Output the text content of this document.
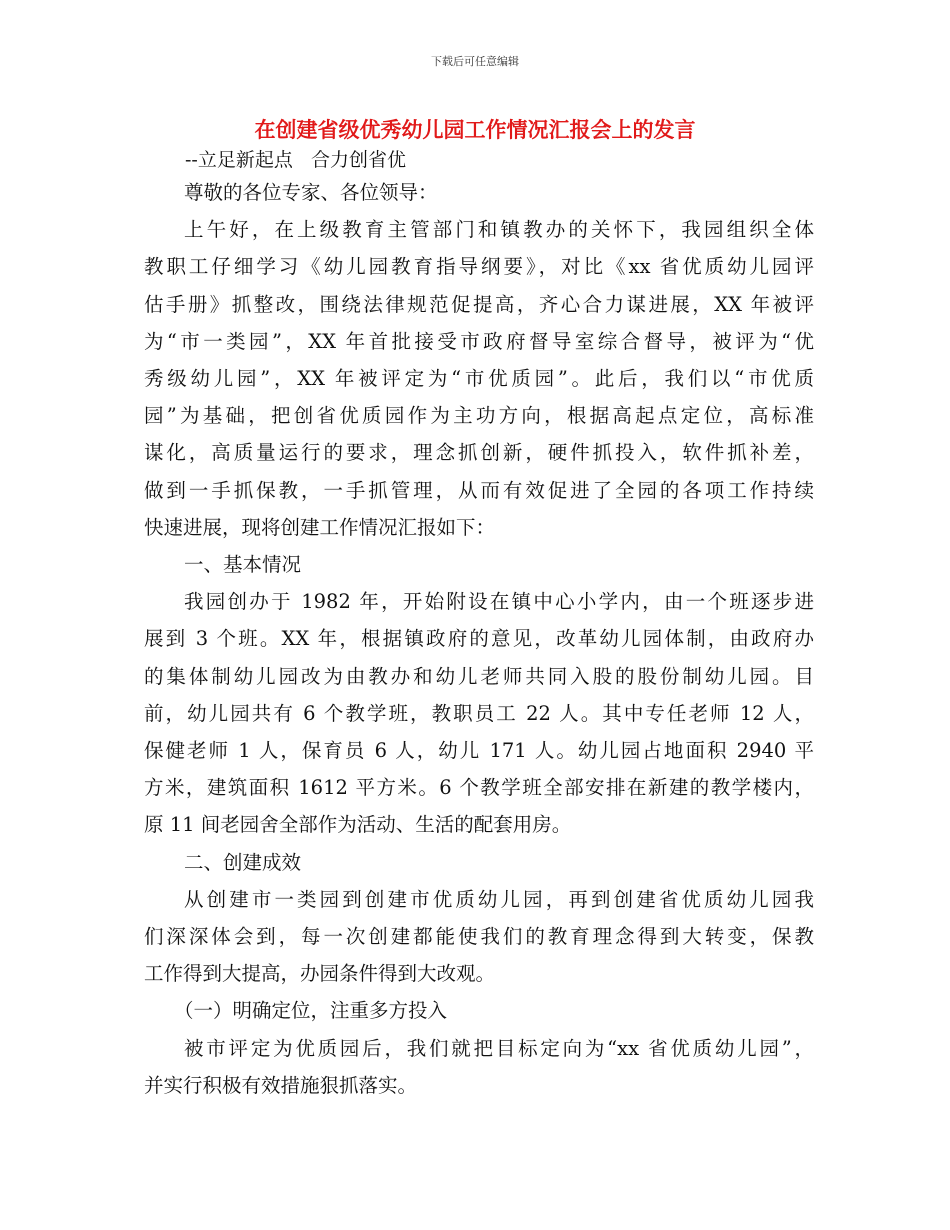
下载后可任意编辑
在创建省级优秀幼儿园工作情况汇报会上的发言
--立足新起点   合力创省优
尊敬的各位专家、各位领导：

上午好，在上级教育主管部门和镇教办的关怀下，我园组织全体
教职工仔细学习《幼儿园教育指导纲要》，对比《xx 省优质幼儿园评
估手册》抓整改，围绕法律规范促提高，齐心合力谋进展，XX 年被评
为“市一类园”，XX 年首批接受市政府督导室综合督导，被评为“优
秀级幼儿园”，XX 年被评定为“市优质园”。此后，我们以“市优质
园”为基础，把创省优质园作为主功方向，根据高起点定位，高标准
谋化，高质量运行的要求，理念抓创新，硬件抓投入，软件抓补差，
做到一手抓保教，一手抓管理，从而有效促进了全园的各项工作持续
快速进展，现将创建工作情况汇报如下：

一、基本情况

我园创办于 1982 年，开始附设在镇中心小学内，由一个班逐步进
展到 3 个班。XX 年，根据镇政府的意见，改革幼儿园体制，由政府办
的集体制幼儿园改为由教办和幼儿老师共同入股的股份制幼儿园。目
前，幼儿园共有 6 个教学班，教职员工 22 人。其中专任老师 12 人，
保健老师 1 人，保育员 6 人，幼儿 171 人。幼儿园占地面积 2940 平
方米，建筑面积 1612 平方米。6 个教学班全部安排在新建的教学楼内，
原 11 间老园舍全部作为活动、生活的配套用房。

二、创建成效

从创建市一类园到创建市优质幼儿园，再到创建省优质幼儿园我
们深深体会到，每一次创建都能使我们的教育理念得到大转变，保教
工作得到大提高，办园条件得到大改观。

（一）明确定位，注重多方投入

被市评定为优质园后，我们就把目标定向为“xx 省优质幼儿园”，
并实行积极有效措施狠抓落实。
